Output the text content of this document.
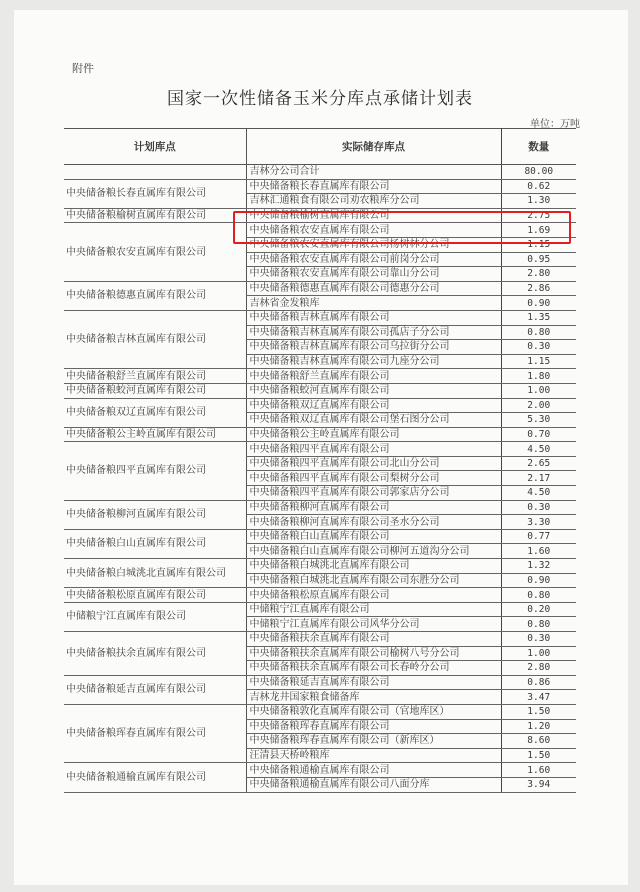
附件
国家一次性储备玉米分库点承储计划表
单位：万吨
计划库点	实际储存库点	数量
	吉林分公司合计	80.00
中央储备粮长春直属库有限公司	中央储备粮长春直属库有限公司	0.62
	吉林汇通粮食有限公司劝农粮库分公司	1.30
中央储备粮榆树直属库有限公司	中央储备粮榆树直属库有限公司	2.75
中央储备粮农安直属库有限公司	中央储备粮农安直属库有限公司	1.69
	中央储备粮农安直属库有限公司杨树林分公司	1.15
	中央储备粮农安直属库有限公司前岗分公司	0.95
	中央储备粮农安直属库有限公司靠山分公司	2.80
中央储备粮德惠直属库有限公司	中央储备粮德惠直属库有限公司德惠分公司	2.86
	吉林省金发粮库	0.90
中央储备粮吉林直属库有限公司	中央储备粮吉林直属库有限公司	1.35
	中央储备粮吉林直属库有限公司孤店子分公司	0.80
	中央储备粮吉林直属库有限公司乌拉街分公司	0.30
	中央储备粮吉林直属库有限公司九座分公司	1.15
中央储备粮舒兰直属库有限公司	中央储备粮舒兰直属库有限公司	1.80
中央储备粮蛟河直属库有限公司	中央储备粮蛟河直属库有限公司	1.00
中央储备粮双辽直属库有限公司	中央储备粮双辽直属库有限公司	2.00
	中央储备粮双辽直属库有限公司堡石图分公司	5.30
中央储备粮公主岭直属库有限公司	中央储备粮公主岭直属库有限公司	0.70
中央储备粮四平直属库有限公司	中央储备粮四平直属库有限公司	4.50
	中央储备粮四平直属库有限公司北山分公司	2.65
	中央储备粮四平直属库有限公司梨树分公司	2.17
	中央储备粮四平直属库有限公司郭家店分公司	4.50
中央储备粮柳河直属库有限公司	中央储备粮柳河直属库有限公司	0.30
	中央储备粮柳河直属库有限公司圣水分公司	3.30
中央储备粮白山直属库有限公司	中央储备粮白山直属库有限公司	0.77
	中央储备粮白山直属库有限公司柳河五道沟分公司	1.60
中央储备粮白城洮北直属库有限公司	中央储备粮白城洮北直属库有限公司	1.32
	中央储备粮白城洮北直属库有限公司东胜分公司	0.90
中央储备粮松原直属库有限公司	中央储备粮松原直属库有限公司	0.80
中储粮宁江直属库有限公司	中储粮宁江直属库有限公司	0.20
	中储粮宁江直属库有限公司风华分公司	0.80
中央储备粮扶余直属库有限公司	中央储备粮扶余直属库有限公司	0.30
	中央储备粮扶余直属库有限公司榆树八号分公司	1.00
	中央储备粮扶余直属库有限公司长春岭分公司	2.80
中央储备粮延吉直属库有限公司	中央储备粮延吉直属库有限公司	0.86
	吉林龙井国家粮食储备库	3.47
中央储备粮珲春直属库有限公司	中央储备粮敦化直属库有限公司（官地库区）	1.50
	中央储备粮珲春直属库有限公司	1.20
	中央储备粮珲春直属库有限公司（新库区）	8.60
	汪清县天桥岭粮库	1.50
中央储备粮通榆直属库有限公司	中央储备粮通榆直属库有限公司	1.60
	中央储备粮通榆直属库有限公司八面分库	3.94
